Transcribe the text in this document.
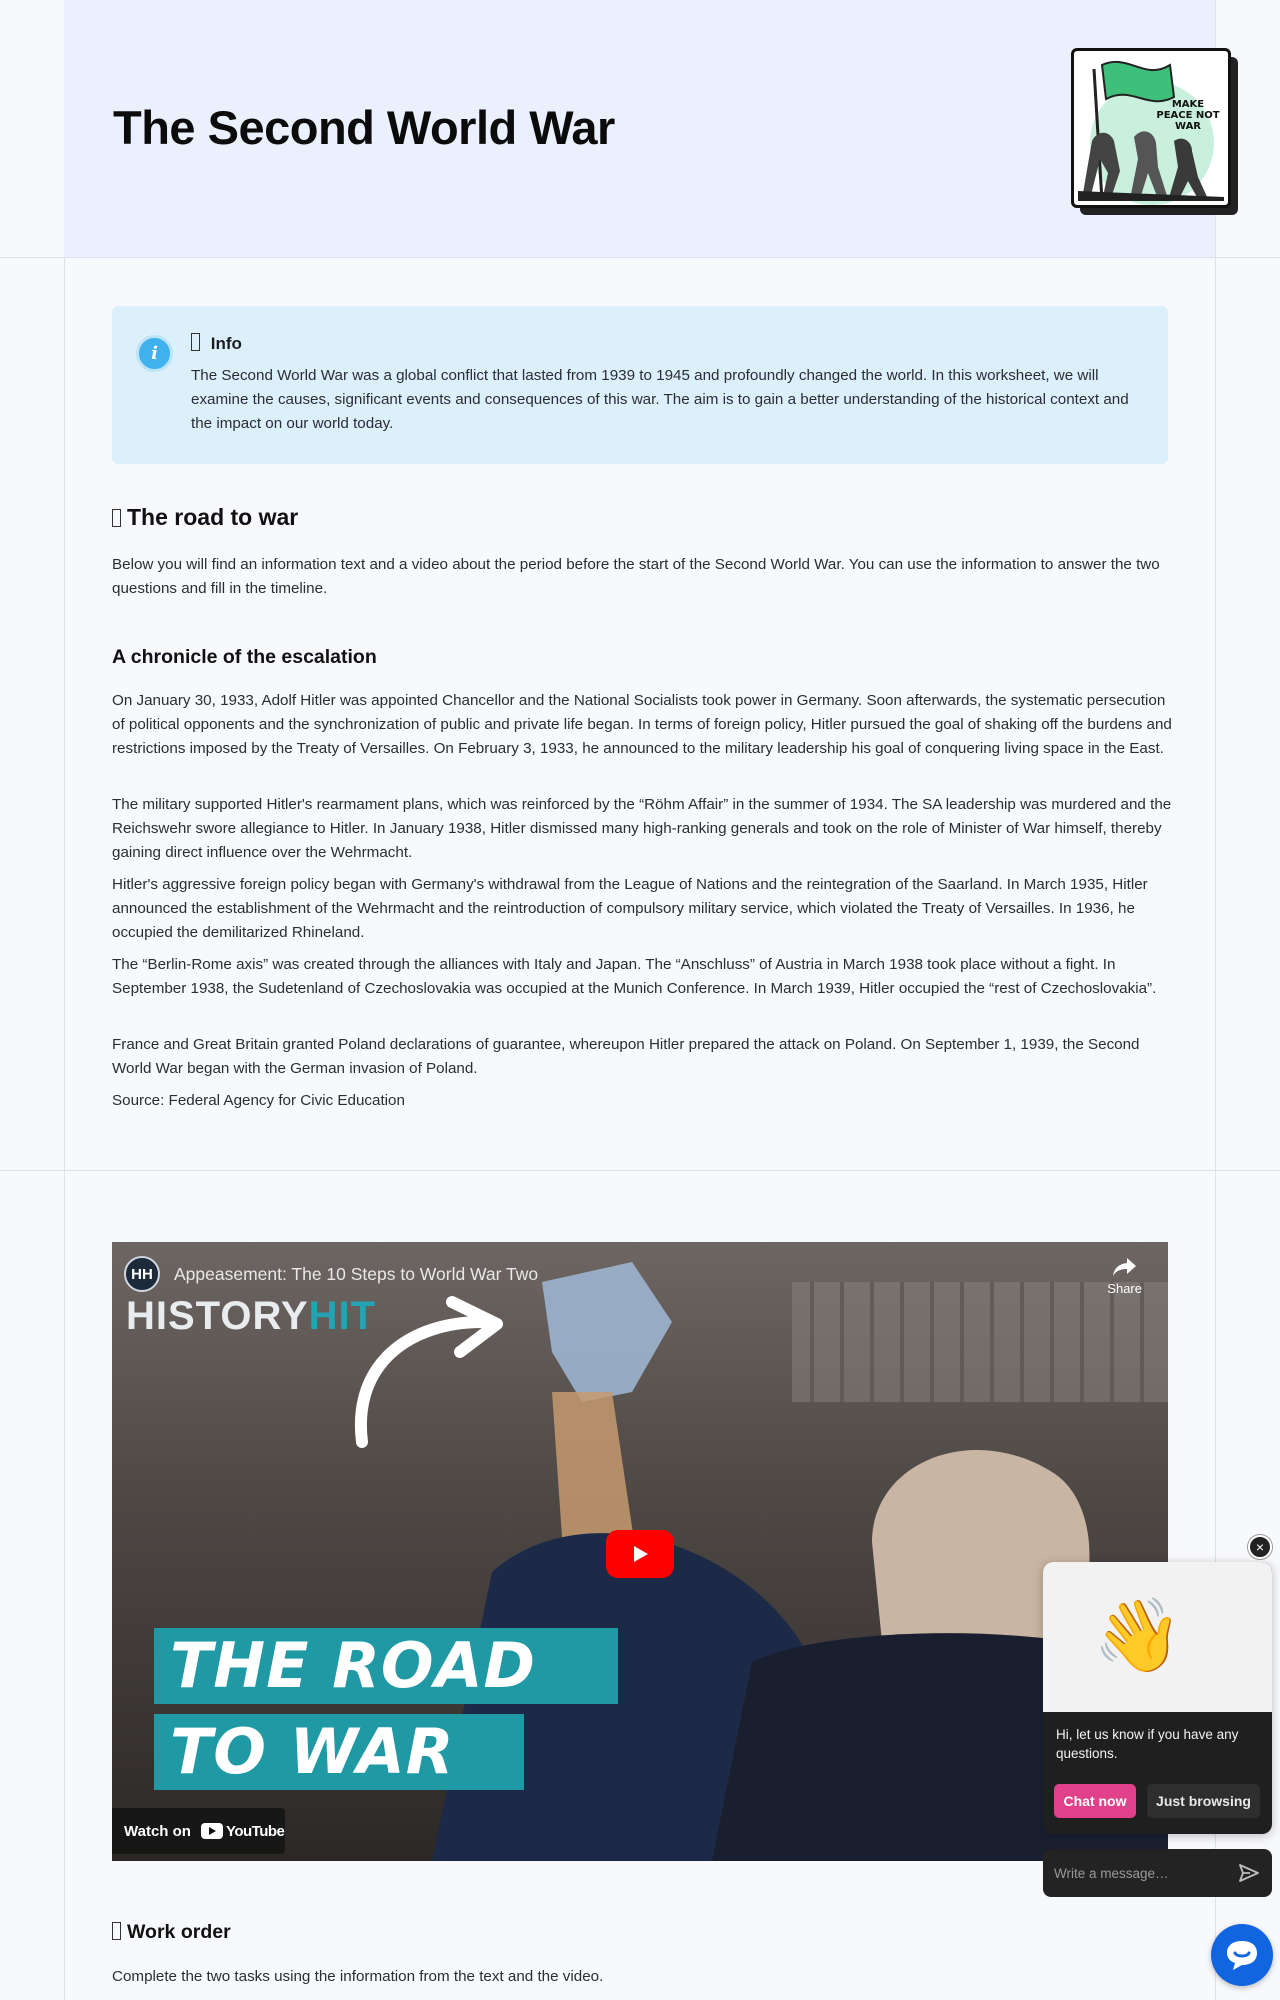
The Second World War	MAKE PEACE NOT WAR
i	Info

The Second World War was a global conflict that lasted from 1939 to 1945 and profoundly changed the world. In this worksheet, we will examine the causes, significant events and consequences of this war. The aim is to gain a better understanding of the historical context and the impact on our world today.

The road to war

Below you will find an information text and a video about the period before the start of the Second World War. You can use the information to answer the two questions and fill in the timeline.

A chronicle of the escalation

On January 30, 1933, Adolf Hitler was appointed Chancellor and the National Socialists took power in Germany. Soon afterwards, the systematic persecution of political opponents and the synchronization of public and private life began. In terms of foreign policy, Hitler pursued the goal of shaking off the burdens and restrictions imposed by the Treaty of Versailles. On February 3, 1933, he announced to the military leadership his goal of conquering living space in the East.

The military supported Hitler's rearmament plans, which was reinforced by the “Röhm Affair” in the summer of 1934. The SA leadership was murdered and the Reichswehr swore allegiance to Hitler. In January 1938, Hitler dismissed many high-ranking generals and took on the role of Minister of War himself, thereby gaining direct influence over the Wehrmacht.

Hitler's aggressive foreign policy began with Germany's withdrawal from the League of Nations and the reintegration of the Saarland. In March 1935, Hitler announced the establishment of the Wehrmacht and the reintroduction of compulsory military service, which violated the Treaty of Versailles. In 1936, he occupied the demilitarized Rhineland.

The “Berlin-Rome axis” was created through the alliances with Italy and Japan. The “Anschluss” of Austria in March 1938 took place without a fight. In September 1938, the Sudetenland of Czechoslovakia was occupied at the Munich Conference. In March 1939, Hitler occupied the “rest of Czechoslovakia”.

France and Great Britain granted Poland declarations of guarantee, whereupon Hitler prepared the attack on Poland. On September 1, 1939, the Second World War began with the German invasion of Poland.

Source: Federal Agency for Civic Education

HH Appeasement: The 10 Steps to World War Two
HISTORYHIT
Share
THE ROAD
TO WAR
Watch on YouTube
Work order

Complete the two tasks using the information from the text and the video.

×
👋

Hi, let us know if you have any questions.

Chat now	Just browsing
Write a message…
